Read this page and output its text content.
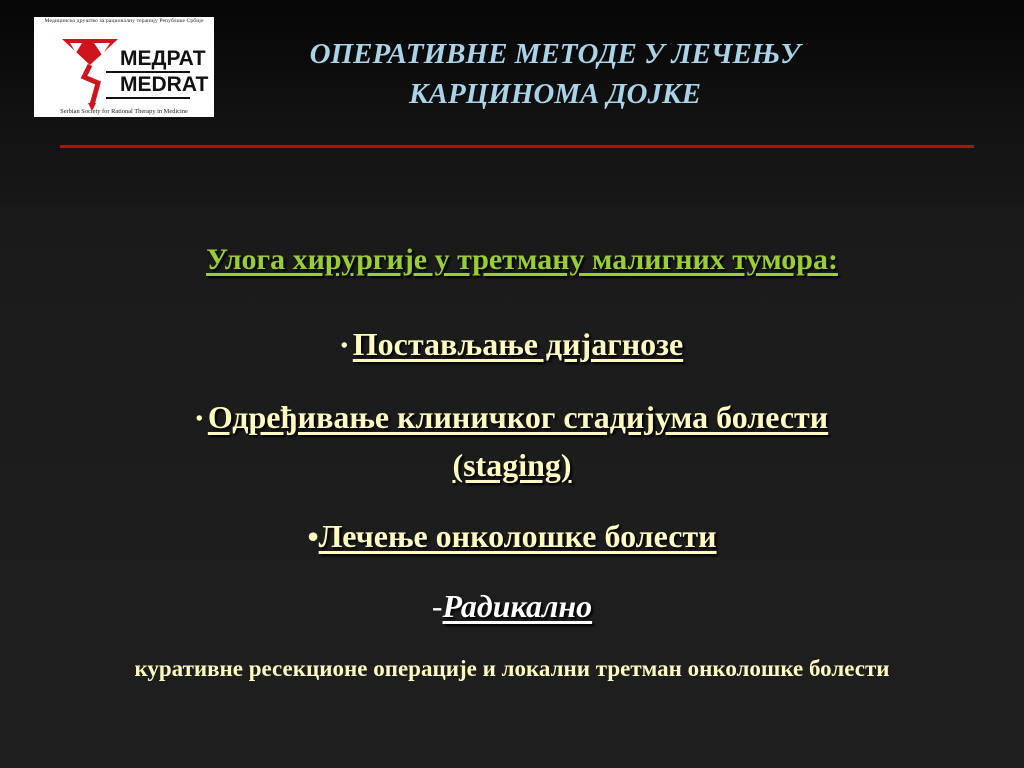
Медицинско друштво за рационалну терапију Републике Србије
МЕДРАТ
MEDRAT
Serbian Society for Rational Therapy in Medicine
ОПЕРАТИВНЕ МЕТОДЕ У ЛЕЧЕЊУ
КАРЦИНОМА ДОЈКЕ
Улога хирургије у третману малигних тумора:
• Постављање дијагнозе
• Одређивање клиничког стадијума болести
(staging)
•Лечење онколошке болести
-Радикално
куративне ресекционе операције и локални третман онколошке болести
